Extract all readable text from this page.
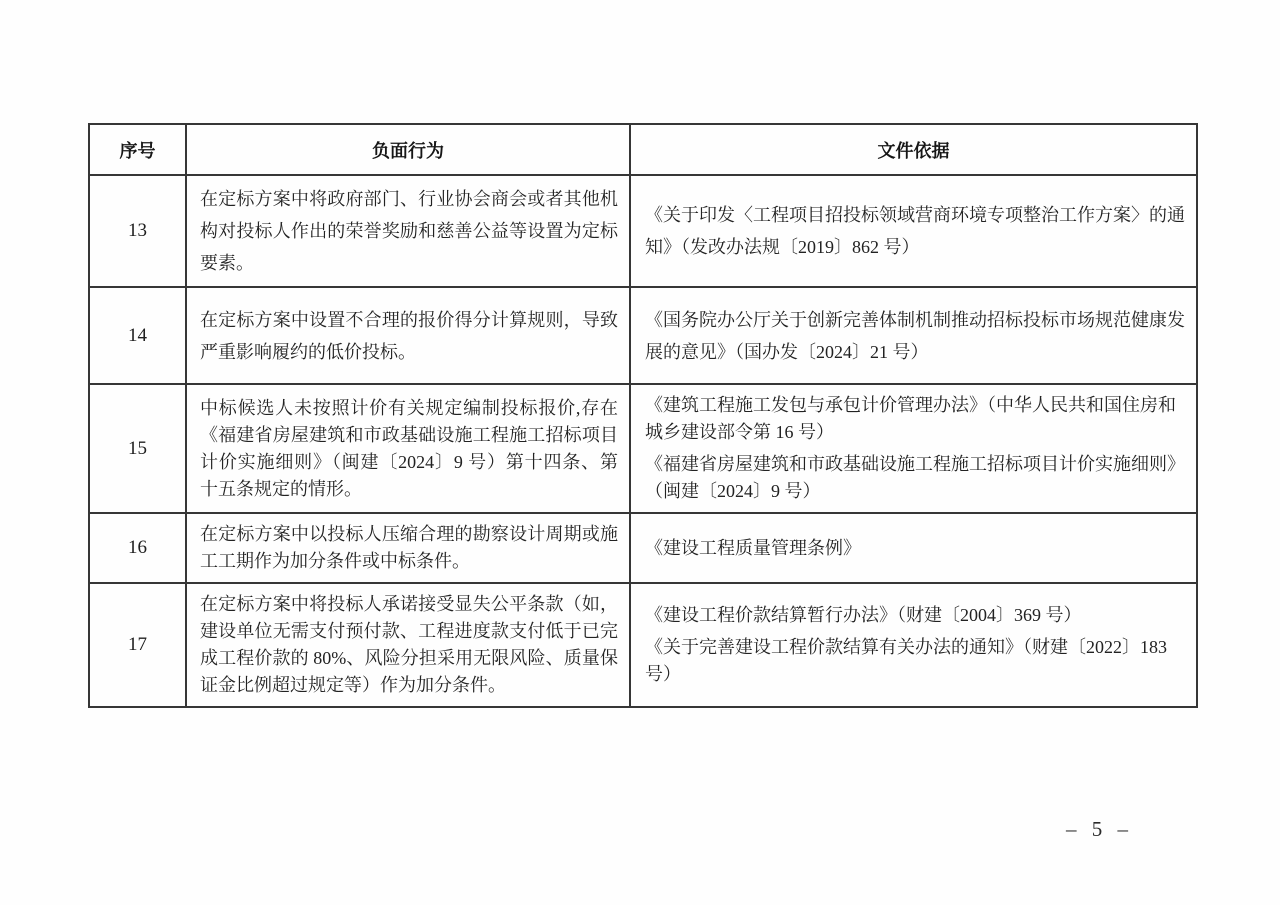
序号	负面行为	文件依据
13	在定标方案中将政府部门、行业协会商会或者其他机构对投标人作出的荣誉奖励和慈善公益等设置为定标要素。	《关于印发〈工程项目招投标领域营商环境专项整治工作方案〉的通知》（发改办法规〔2019〕862 号）

14	在定标方案中设置不合理的报价得分计算规则，导致严重影响履约的低价投标。	《国务院办公厅关于创新完善体制机制推动招标投标市场规范健康发展的意见》（国办发〔2024〕21 号）

15	中标候选人未按照计价有关规定编制投标报价,存在《福建省房屋建筑和市政基础设施工程施工招标项目计价实施细则》（闽建〔2024〕9 号）第十四条、第十五条规定的情形。	《建筑工程施工发包与承包计价管理办法》（中华人民共和国住房和城乡建设部令第 16 号）

《福建省房屋建筑和市政基础设施工程施工招标项目计价实施细则》（闽建〔2024〕9 号）

16	在定标方案中以投标人压缩合理的勘察设计周期或施工工期作为加分条件或中标条件。	《建设工程质量管理条例》

17	在定标方案中将投标人承诺接受显失公平条款（如，建设单位无需支付预付款、工程进度款支付低于已完成工程价款的 80%、风险分担采用无限风险、质量保证金比例超过规定等）作为加分条件。	《建设工程价款结算暂行办法》（财建〔2004〕369 号）

《关于完善建设工程价款结算有关办法的通知》（财建〔2022〕183 号）

– 5 –
